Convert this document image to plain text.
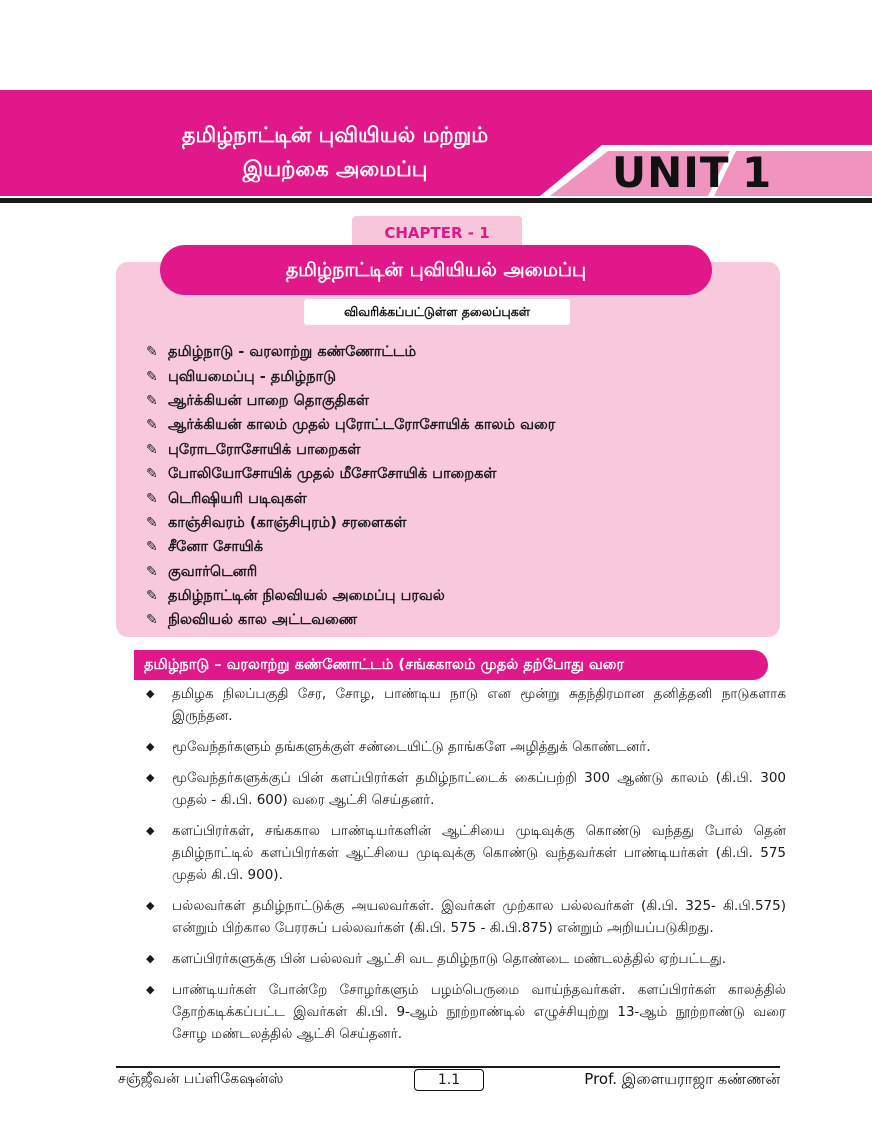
தமிழ்நாட்டின் புவியியல் மற்றும்
இயற்கை அமைப்பு	UNIT 1
CHAPTER - 1
தமிழ்நாட்டின் புவியியல் அமைப்பு
விவரிக்கப்பட்டுள்ள தலைப்புகள்
✎ தமிழ்நாடு - வரலாற்று கண்ணோட்டம்
✎ புவியமைப்பு - தமிழ்நாடு
✎ ஆர்க்கியன் பாறை தொகுதிகள்
✎ ஆர்க்கியன் காலம் முதல் புரோட்டரோசோயிக் காலம் வரை
✎ புரோடரோசோயிக் பாறைகள்
✎ போலியோசோயிக் முதல் மீசோசோயிக் பாறைகள்
✎ டெரிஷியரி படிவுகள்
✎ காஞ்சிவரம் (காஞ்சிபுரம்) சரளைகள்
✎ சீனோ சோயிக்
✎ குவார்டெனரி
✎ தமிழ்நாட்டின் நிலவியல் அமைப்பு பரவல்
✎ நிலவியல் கால அட்டவணை
தமிழ்நாடு – வரலாற்று கண்ணோட்டம் (சங்ககாலம் முதல் தற்போது வரை
◆ தமிழக நிலப்பகுதி சேர, சோழ, பாண்டிய நாடு என மூன்று சுதந்திரமான தனித்தனி நாடுகளாக இருந்தன.
◆ மூவேந்தர்களும் தங்களுக்குள் சண்டையிட்டு தாங்களே அழித்துக் கொண்டனர்.
◆ மூவேந்தர்களுக்குப் பின் களப்பிரர்கள் தமிழ்நாட்டைக் கைப்பற்றி 300 ஆண்டு காலம் (கி.பி. 300 முதல் - கி.பி. 600) வரை ஆட்சி செய்தனர்.
◆ களப்பிரர்கள், சங்ககால பாண்டியர்களின் ஆட்சியை முடிவுக்கு கொண்டு வந்தது போல் தென் தமிழ்நாட்டில் களப்பிரர்கள் ஆட்சியை முடிவுக்கு கொண்டு வந்தவர்கள் பாண்டியர்கள் (கி.பி. 575 முதல் கி.பி. 900).
◆ பல்லவர்கள் தமிழ்நாட்டுக்கு அயலவர்கள். இவர்கள் முற்கால பல்லவர்கள் (கி.பி. 325- கி.பி.575) என்றும் பிற்கால பேரரசுப் பல்லவர்கள் (கி.பி. 575 - கி.பி.875) என்றும் அறியப்படுகிறது.
◆ களப்பிரர்களுக்கு பின் பல்லவர் ஆட்சி வட தமிழ்நாடு தொண்டை மண்டலத்தில் ஏற்பட்டது.
◆ பாண்டியர்கள் போன்றே சோழர்களும் பழம்பெருமை வாய்ந்தவர்கள். களப்பிரர்கள் காலத்தில் தோற்கடிக்கப்பட்ட இவர்கள் கி.பி. 9-ஆம் நூற்றாண்டில் எழுச்சியுற்று 13-ஆம் நூற்றாண்டு வரை சோழ மண்டலத்தில் ஆட்சி செய்தனர்.
சஞ்ஜீவன் பப்ளிகேஷன்ஸ்	1.1	Prof. இளையராஜா கண்ணன்
